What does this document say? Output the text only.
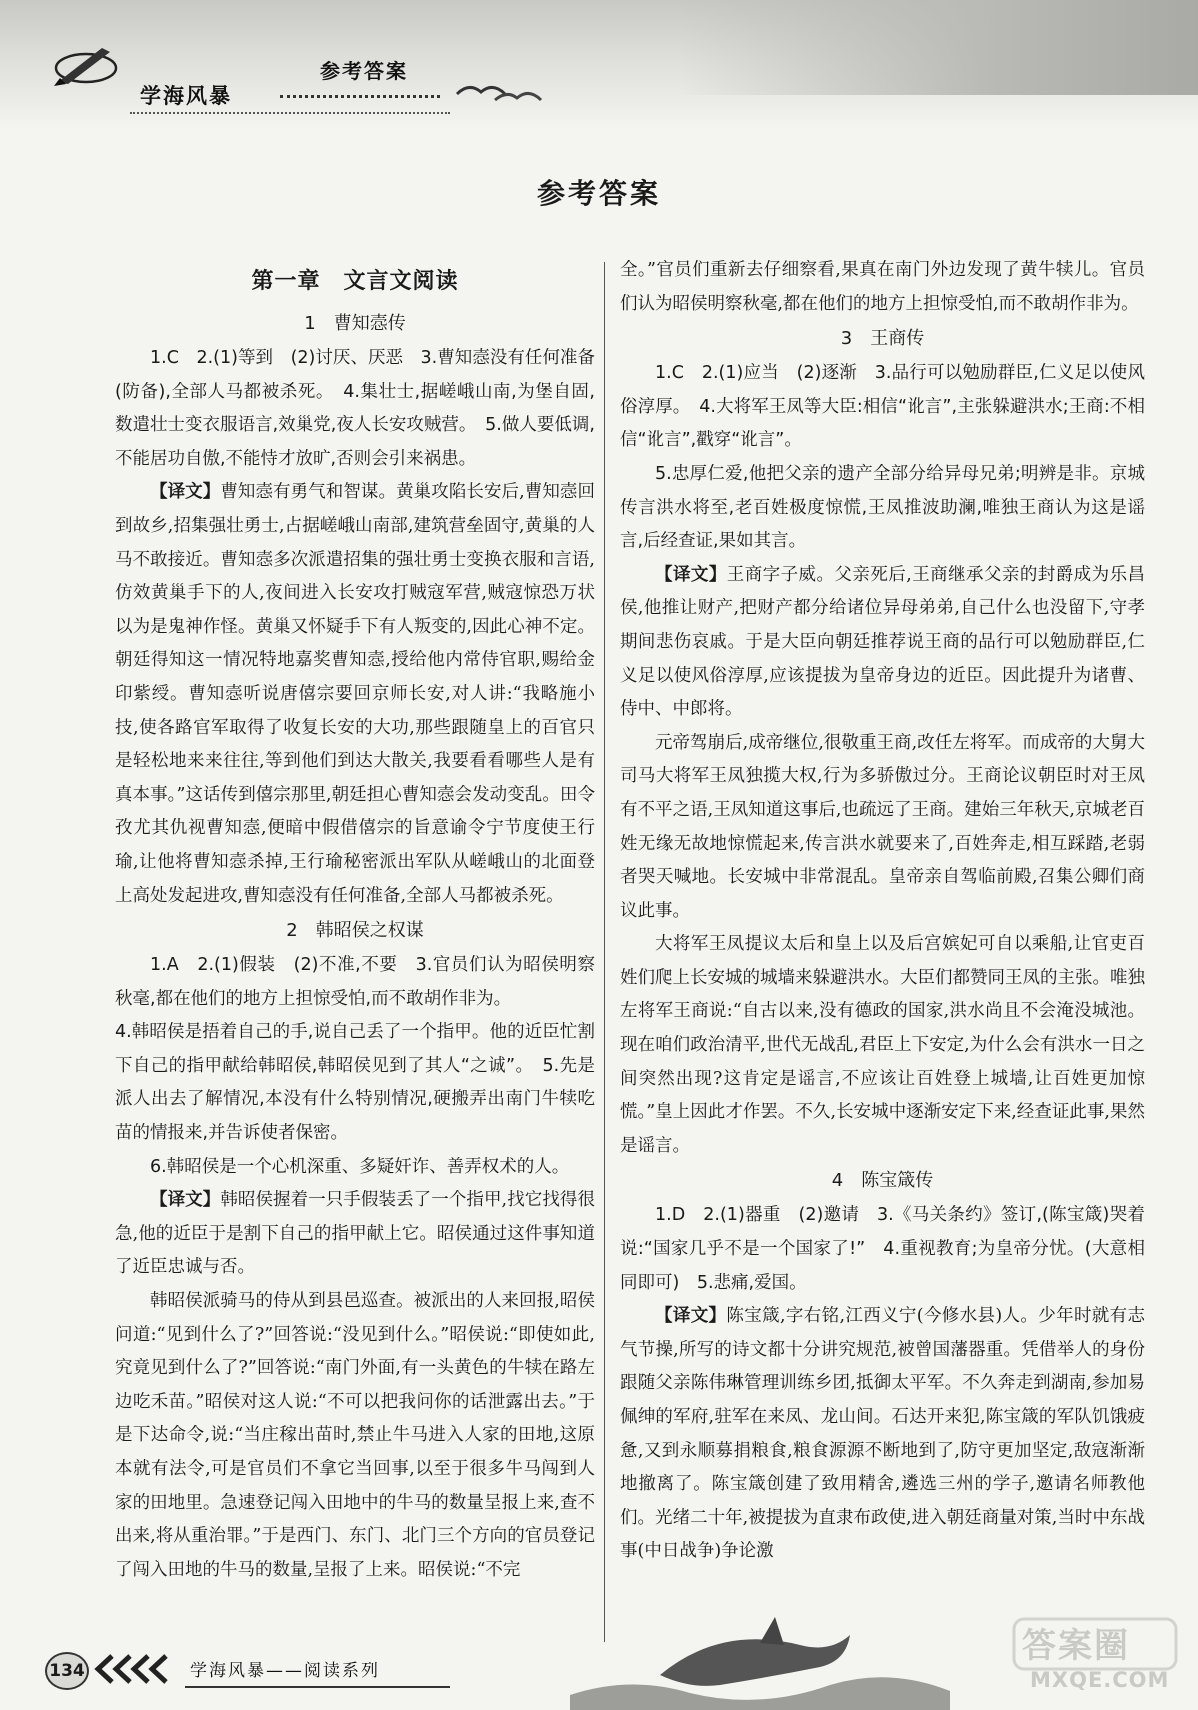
学海风暴
参考答案
参考答案

第一章　文言文阅读

1　曹知悫传

1.C　2.(1)等到　(2)讨厌、厌恶　3.曹知悫没有任何准备(防备),全部人马都被杀死。　4.集壮士,据嵯峨山南,为堡自固,数遣壮士变衣服语言,效巢党,夜人长安攻贼营。　5.做人要低调,不能居功自傲,不能恃才放旷,否则会引来祸患。

【译文】曹知悫有勇气和智谋。黄巢攻陷长安后,曹知悫回到故乡,招集强壮勇士,占据嵯峨山南部,建筑营垒固守,黄巢的人马不敢接近。曹知悫多次派遣招集的强壮勇士变换衣服和言语,仿效黄巢手下的人,夜间进入长安攻打贼寇军营,贼寇惊恐万状以为是鬼神作怪。黄巢又怀疑手下有人叛变的,因此心神不定。朝廷得知这一情况特地嘉奖曹知悫,授给他内常侍官职,赐给金印紫绶。曹知悫听说唐僖宗要回京师长安,对人讲:“我略施小技,使各路官军取得了收复长安的大功,那些跟随皇上的百官只是轻松地来来往往,等到他们到达大散关,我要看看哪些人是有真本事。”这话传到僖宗那里,朝廷担心曹知悫会发动变乱。田令孜尤其仇视曹知悫,便暗中假借僖宗的旨意谕令宁节度使王行瑜,让他将曹知悫杀掉,王行瑜秘密派出军队从嵯峨山的北面登上高处发起进攻,曹知悫没有任何准备,全部人马都被杀死。

2　韩昭侯之权谋

1.A　2.(1)假装　(2)不准,不要　3.官员们认为昭侯明察秋毫,都在他们的地方上担惊受怕,而不敢胡作非为。

4.韩昭侯是捂着自己的手,说自己丢了一个指甲。他的近臣忙割下自己的指甲献给韩昭侯,韩昭侯见到了其人“之诚”。　5.先是派人出去了解情况,本没有什么特别情况,硬搬弄出南门牛犊吃苗的情报来,并告诉使者保密。

6.韩昭侯是一个心机深重、多疑奸诈、善弄权术的人。

【译文】韩昭侯握着一只手假装丢了一个指甲,找它找得很急,他的近臣于是割下自己的指甲献上它。昭侯通过这件事知道了近臣忠诚与否。

韩昭侯派骑马的侍从到县邑巡查。被派出的人来回报,昭侯问道:“见到什么了?”回答说:“没见到什么。”昭侯说:“即使如此,究竟见到什么了?”回答说:“南门外面,有一头黄色的牛犊在路左边吃禾苗。”昭侯对这人说:“不可以把我问你的话泄露出去。”于是下达命令,说:“当庄稼出苗时,禁止牛马进入人家的田地,这原本就有法令,可是官员们不拿它当回事,以至于很多牛马闯到人家的田地里。急速登记闯入田地中的牛马的数量呈报上来,查不出来,将从重治罪。”于是西门、东门、北门三个方向的官员登记了闯入田地的牛马的数量,呈报了上来。昭侯说:“不完

全。”官员们重新去仔细察看,果真在南门外边发现了黄牛犊儿。官员们认为昭侯明察秋毫,都在他们的地方上担惊受怕,而不敢胡作非为。

3　王商传

1.C　2.(1)应当　(2)逐渐　3.品行可以勉励群臣,仁义足以使风俗淳厚。　4.大将军王凤等大臣:相信“讹言”,主张躲避洪水;王商:不相信“讹言”,戳穿“讹言”。

5.忠厚仁爱,他把父亲的遗产全部分给异母兄弟;明辨是非。京城传言洪水将至,老百姓极度惊慌,王凤推波助澜,唯独王商认为这是谣言,后经查证,果如其言。

【译文】王商字子威。父亲死后,王商继承父亲的封爵成为乐昌侯,他推让财产,把财产都分给诸位异母弟弟,自己什么也没留下,守孝期间悲伤哀戚。于是大臣向朝廷推荐说王商的品行可以勉励群臣,仁义足以使风俗淳厚,应该提拔为皇帝身边的近臣。因此提升为诸曹、侍中、中郎将。

元帝驾崩后,成帝继位,很敬重王商,改任左将军。而成帝的大舅大司马大将军王凤独揽大权,行为多骄傲过分。王商论议朝臣时对王凤有不平之语,王凤知道这事后,也疏远了王商。建始三年秋天,京城老百姓无缘无故地惊慌起来,传言洪水就要来了,百姓奔走,相互踩踏,老弱者哭天喊地。长安城中非常混乱。皇帝亲自驾临前殿,召集公卿们商议此事。

大将军王凤提议太后和皇上以及后宫嫔妃可自以乘船,让官吏百姓们爬上长安城的城墙来躲避洪水。大臣们都赞同王凤的主张。唯独左将军王商说:“自古以来,没有德政的国家,洪水尚且不会淹没城池。现在咱们政治清平,世代无战乱,君臣上下安定,为什么会有洪水一日之间突然出现?这肯定是谣言,不应该让百姓登上城墙,让百姓更加惊慌。”皇上因此才作罢。不久,长安城中逐渐安定下来,经查证此事,果然是谣言。

4　陈宝箴传

1.D　2.(1)器重　(2)邀请　3.《马关条约》签订,(陈宝箴)哭着说:“国家几乎不是一个国家了!”　4.重视教育;为皇帝分忧。(大意相同即可)　5.悲痛,爱国。

【译文】陈宝箴,字右铭,江西义宁(今修水县)人。少年时就有志气节操,所写的诗文都十分讲究规范,被曾国藩器重。凭借举人的身份跟随父亲陈伟琳管理训练乡团,抵御太平军。不久奔走到湖南,参加易佩绅的军府,驻军在来凤、龙山间。石达开来犯,陈宝箴的军队饥饿疲惫,又到永顺募捐粮食,粮食源源不断地到了,防守更加坚定,敌寇渐渐地撤离了。陈宝箴创建了致用精舍,遴选三州的学子,邀请名师教他们。光绪二十年,被提拔为直隶布政使,进入朝廷商量对策,当时中东战事(中日战争)争论激

134	学海风暴——阅读系列
答案圈
MXQE.COM
